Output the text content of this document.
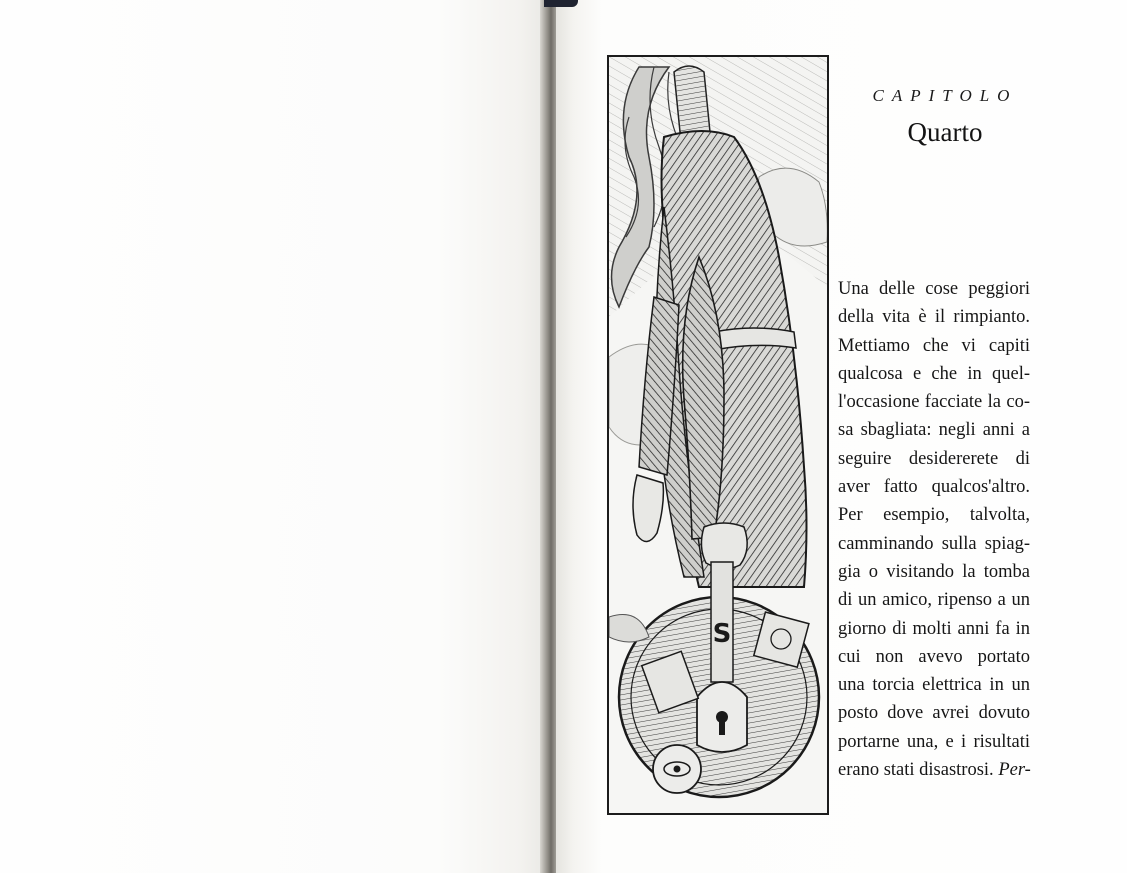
S
CAPITOLO
Quarto
Una delle cose peggiori
della vita è il rimpianto.
Mettiamo che vi capiti
qualcosa e che in quel-
l'occasione facciate la co-
sa sbagliata: negli anni a
seguire desidererete di
aver fatto qualcos'altro.
Per esempio, talvolta,
camminando sulla spiag-
gia o visitando la tomba
di un amico, ripenso a un
giorno di molti anni fa in
cui non avevo portato
una torcia elettrica in un
posto dove avrei dovuto
portarne una, e i risultati
erano stati disastrosi. Per-
